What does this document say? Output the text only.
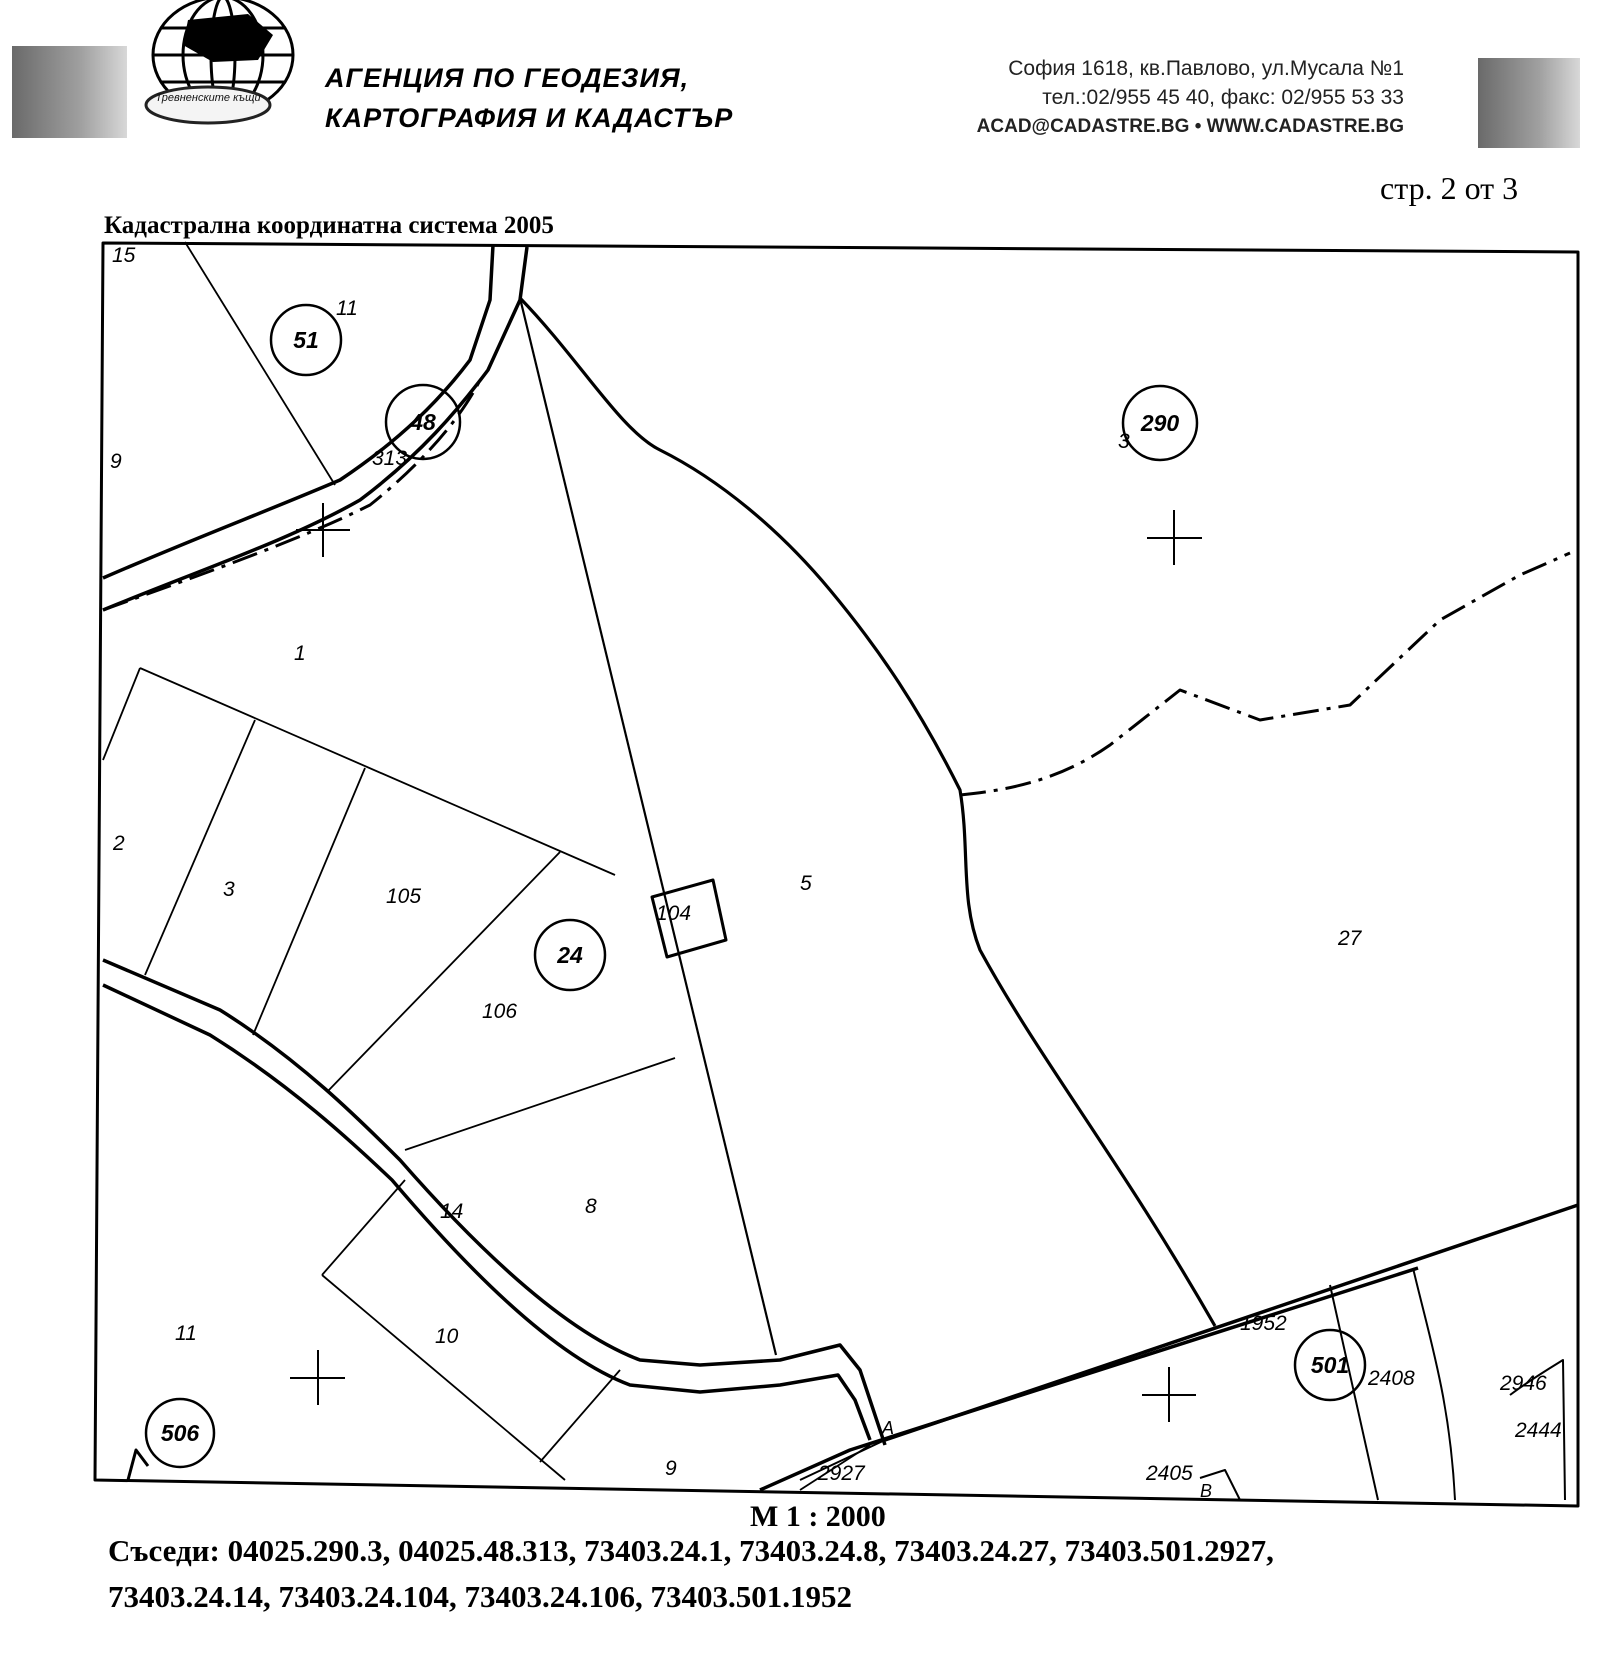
Тревненските къщи
АГЕНЦИЯ ПО ГЕОДЕЗИЯ,
КАРТОГРАФИЯ И КАДАСТЪР
София 1618, кв.Павлово, ул.Мусала №1
тел.:02/955 45 40, факс: 02/955 53 33
ACAD@CADASTRE.BG • WWW.CADASTRE.BG
стр. 2 от 3
Кадастрална координатна система 2005
51
48	290
24
501
506
15
11
9	313
3
1
2
3	105
104
5
106
27
14	8
11	10
9	2927
1952
2408	2946
2444
2405
A
B
М 1 : 2000
Съседи: 04025.290.3, 04025.48.313, 73403.24.1, 73403.24.8, 73403.24.27, 73403.501.2927,
73403.24.14, 73403.24.104, 73403.24.106, 73403.501.1952
